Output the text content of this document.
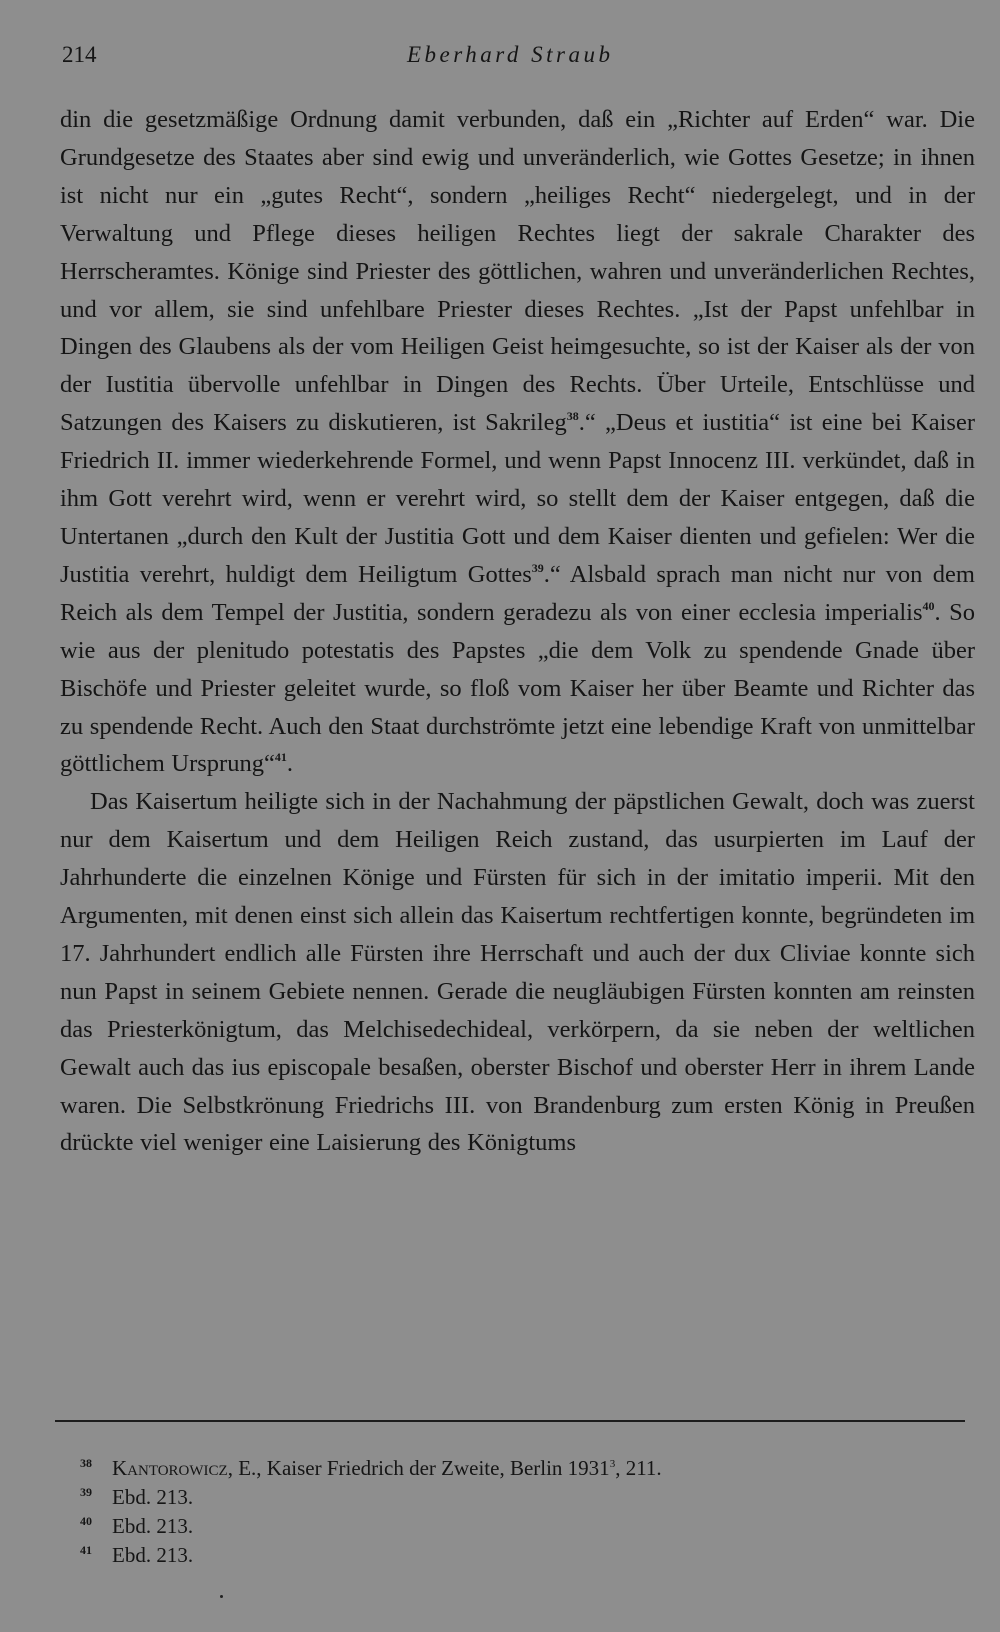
214	Eberhard Straub

din die gesetzmäßige Ordnung damit verbunden, daß ein „Richter auf Erden“ war. Die Grundgesetze des Staates aber sind ewig und unveränderlich, wie Gottes Gesetze; in ihnen ist nicht nur ein „gutes Recht“, sondern „heiliges Recht“ niedergelegt, und in der Verwaltung und Pflege dieses heiligen Rechtes liegt der sakrale Charakter des Herrscheramtes. Könige sind Priester des göttlichen, wahren und unveränderlichen Rechtes, und vor allem, sie sind unfehlbare Priester dieses Rechtes. „Ist der Papst unfehlbar in Dingen des Glaubens als der vom Heiligen Geist heimgesuchte, so ist der Kaiser als der von der Iustitia übervolle unfehlbar in Dingen des Rechts. Über Urteile, Entschlüsse und Satzungen des Kaisers zu diskutieren, ist Sakrileg$^{38}$.“ „Deus et iustitia“ ist eine bei Kaiser Friedrich II. immer wiederkehrende Formel, und wenn Papst Innocenz III. verkündet, daß in ihm Gott verehrt wird, wenn er verehrt wird, so stellt dem der Kaiser entgegen, daß die Untertanen „durch den Kult der Justitia Gott und dem Kaiser dienten und gefielen: Wer die Justitia verehrt, huldigt dem Heiligtum Gottes$^{39}$.“ Alsbald sprach man nicht nur von dem Reich als dem Tempel der Justitia, sondern geradezu als von einer ecclesia imperialis$^{40}$. So wie aus der plenitudo potestatis des Papstes „die dem Volk zu spendende Gnade über Bischöfe und Priester geleitet wurde, so floß vom Kaiser her über Beamte und Richter das zu spendende Recht. Auch den Staat durchströmte jetzt eine lebendige Kraft von unmittelbar göttlichem Ursprung“$^{41}$.

Das Kaisertum heiligte sich in der Nachahmung der päpstlichen Gewalt, doch was zuerst nur dem Kaisertum und dem Heiligen Reich zustand, das usurpierten im Lauf der Jahrhunderte die einzelnen Könige und Fürsten für sich in der imitatio imperii. Mit den Argumenten, mit denen einst sich allein das Kaisertum rechtfertigen konnte, begründeten im 17. Jahrhundert endlich alle Fürsten ihre Herrschaft und auch der dux Cliviae konnte sich nun Papst in seinem Gebiete nennen. Gerade die neugläubigen Fürsten konnten am reinsten das Priesterkönigtum, das Melchisedechideal, verkörpern, da sie neben der weltlichen Gewalt auch das ius episcopale besaßen, oberster Bischof und oberster Herr in ihrem Lande waren. Die Selbstkrönung Friedrichs III. von Brandenburg zum ersten König in Preußen drückte viel weniger eine Laisierung des Königtums

38 Kantorowicz, E., Kaiser Friedrich der Zweite, Berlin 1931$^3$, 211.
39 Ebd. 213.
40 Ebd. 213.
41 Ebd. 213.
